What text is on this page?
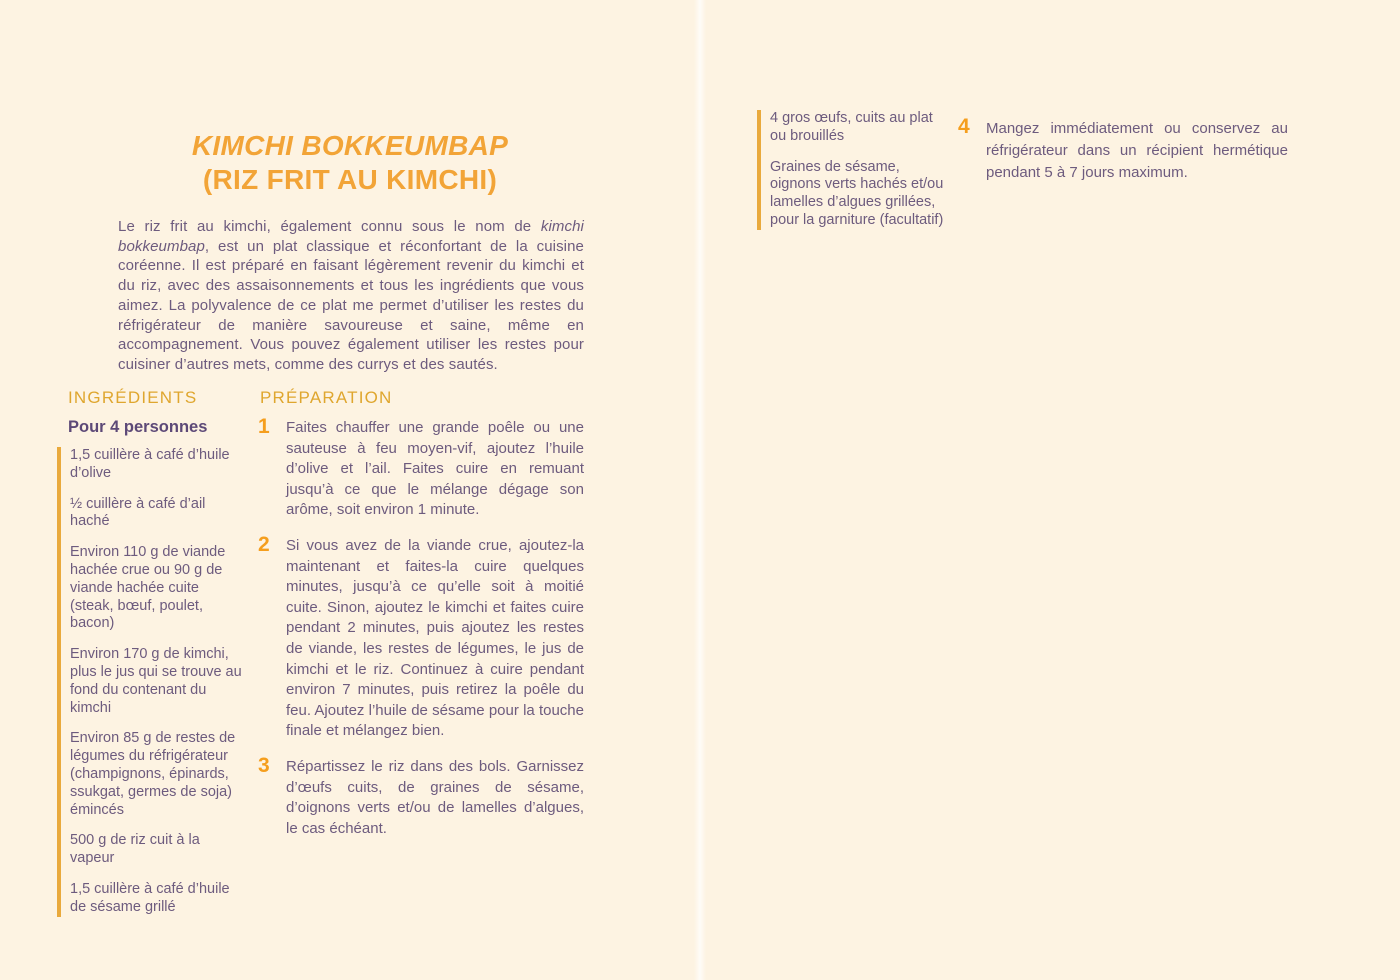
KIMCHI BOKKEUMBAP
(RIZ FRIT AU KIMCHI)

Le riz frit au kimchi, également connu sous le nom de kimchi bokkeumbap, est un plat classique et réconfortant de la cuisine coréenne. Il est préparé en faisant légèrement revenir du kimchi et du riz, avec des assaisonnements et tous les ingrédients que vous aimez. La polyvalence de ce plat me permet d’utiliser les restes du réfrigérateur de manière savoureuse et saine, même en accompagnement. Vous pouvez également utiliser les restes pour cuisiner d’autres mets, comme des currys et des sautés.

INGRÉDIENTS	PRÉPARATION
Pour 4 personnes
1,5 cuillère à café d’huile d’olive
½ cuillère à café d’ail haché
Environ 110 g de viande hachée crue ou 90 g de viande hachée cuite (steak, bœuf, poulet, bacon)
Environ 170 g de kimchi, plus le jus qui se trouve au fond du contenant du kimchi
Environ 85 g de restes de légumes du réfrigérateur (champignons, épinards, ssukgat, germes de soja) émincés
500 g de riz cuit à la vapeur
1,5 cuillère à café d’huile de sésame grillé
1 Faites chauffer une grande poêle ou une sauteuse à feu moyen-vif, ajoutez l’huile d’olive et l’ail. Faites cuire en remuant jusqu’à ce que le mélange dégage son arôme, soit environ 1 minute.
2 Si vous avez de la viande crue, ajoutez-la maintenant et faites-la cuire quelques minutes, jusqu’à ce qu’elle soit à moitié cuite. Sinon, ajoutez le kimchi et faites cuire pendant 2 minutes, puis ajoutez les restes de viande, les restes de légumes, le jus de kimchi et le riz. Continuez à cuire pendant environ 7 minutes, puis retirez la poêle du feu. Ajoutez l’huile de sésame pour la touche finale et mélangez bien.
3 Répartissez le riz dans des bols. Garnissez d’œufs cuits, de graines de sésame, d’oignons verts et/ou de lamelles d’algues, le cas échéant.
4 gros œufs, cuits au plat ou brouillés
Graines de sésame, oignons verts hachés et/ou lamelles d’algues grillées, pour la garniture (facultatif)
4 Mangez immédiatement ou conservez au réfrigérateur dans un récipient hermétique pendant 5 à 7 jours maximum.
